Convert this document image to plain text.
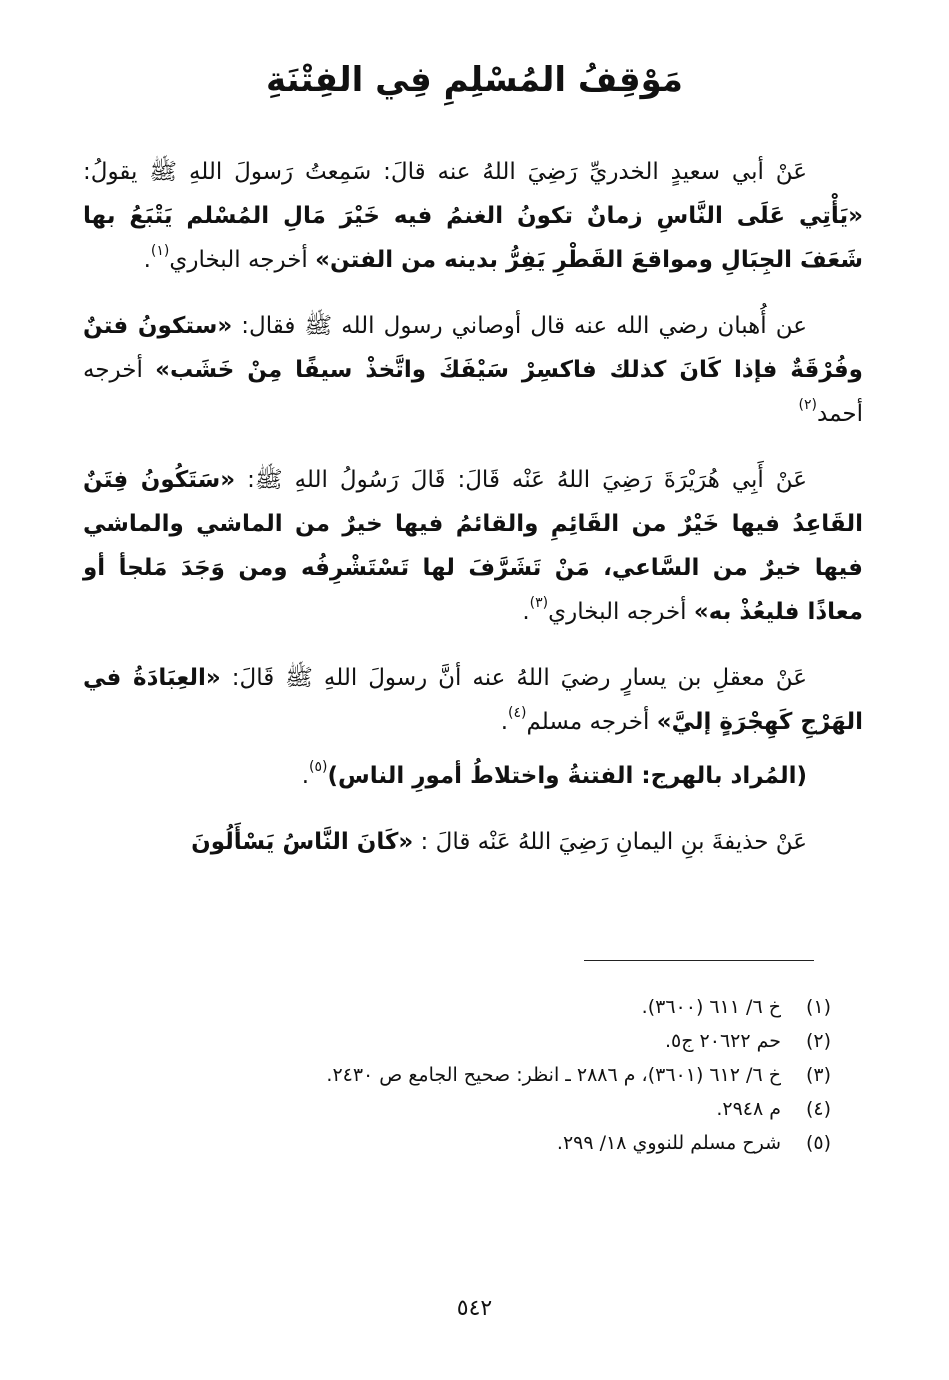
مَوْقِفُ المُسْلِمِ فِي الفِتْنَةِ

عَنْ أبي سعيدٍ الخدريِّ رَضِيَ اللهُ عنه قالَ: سَمِعتُ رَسولَ اللهِ ﷺ يقولُ: «يَأْتِي عَلَى النَّاسِ زمانٌ تكونُ الغنمُ فيه خَيْرَ مَالِ المُسْلم يَتْبَعُ بها شَعَفَ الجِبَالِ ومواقعَ القَطْرِ يَفِرُّ بدينه من الفتن» أخرجه البخاري$^{(١)}$.

عن أُهبان رضي الله عنه قال أوصاني رسول الله ﷺ فقال: «ستكونُ فتنٌ وفُرْقَةٌ فإذا كَانَ كذلك فاكسِرْ سَيْفَكَ واتَّخذْ سيفًا مِنْ خَشَب» أخرجه أحمد$^{(٢)}$

عَنْ أَبِي هُرَيْرَةَ رَضِيَ اللهُ عَنْه قَالَ: قَالَ رَسُولُ اللهِ ﷺ: «سَتَكُونُ فِتَنٌ القَاعِدُ فيها خَيْرٌ من القَائِمِ والقائمُ فيها خيرٌ من الماشي والماشي فيها خيرٌ من السَّاعي، مَنْ تَشَرَّفَ لها تَسْتَشْرِفُه ومن وَجَدَ مَلجأ أو معاذًا فليعُذْ به» أخرجه البخاري$^{(٣)}$.

عَنْ معقلِ بن يسارٍ رضيَ اللهُ عنه أنَّ رسولَ اللهِ ﷺ قَالَ: «العِبَادَةُ في الهَرْجِ كَهِجْرَةٍ إليَّ» أخرجه مسلم$^{(٤)}$.

(المُراد بالهرج: الفتنةُ واختلاطُ أمورِ الناس)$^{(٥)}$.

عَنْ حذيفةَ بنِ اليمانِ رَضِيَ اللهُ عَنْه قالَ : «كَانَ النَّاسُ يَسْأَلُونَ

(١)
خ ٦/ ٦١١ (٣٦٠٠).
(٢)
حم ٢٠٦٢٢ ج٥.
(٣)
خ ٦/ ٦١٢ (٣٦٠١)، م ٢٨٨٦ ـ انظر: صحيح الجامع ص ٢٤٣٠.
(٤)
م ٢٩٤٨.
(٥)
شرح مسلم للنووي ١٨/ ٢٩٩.
٥٤٢
